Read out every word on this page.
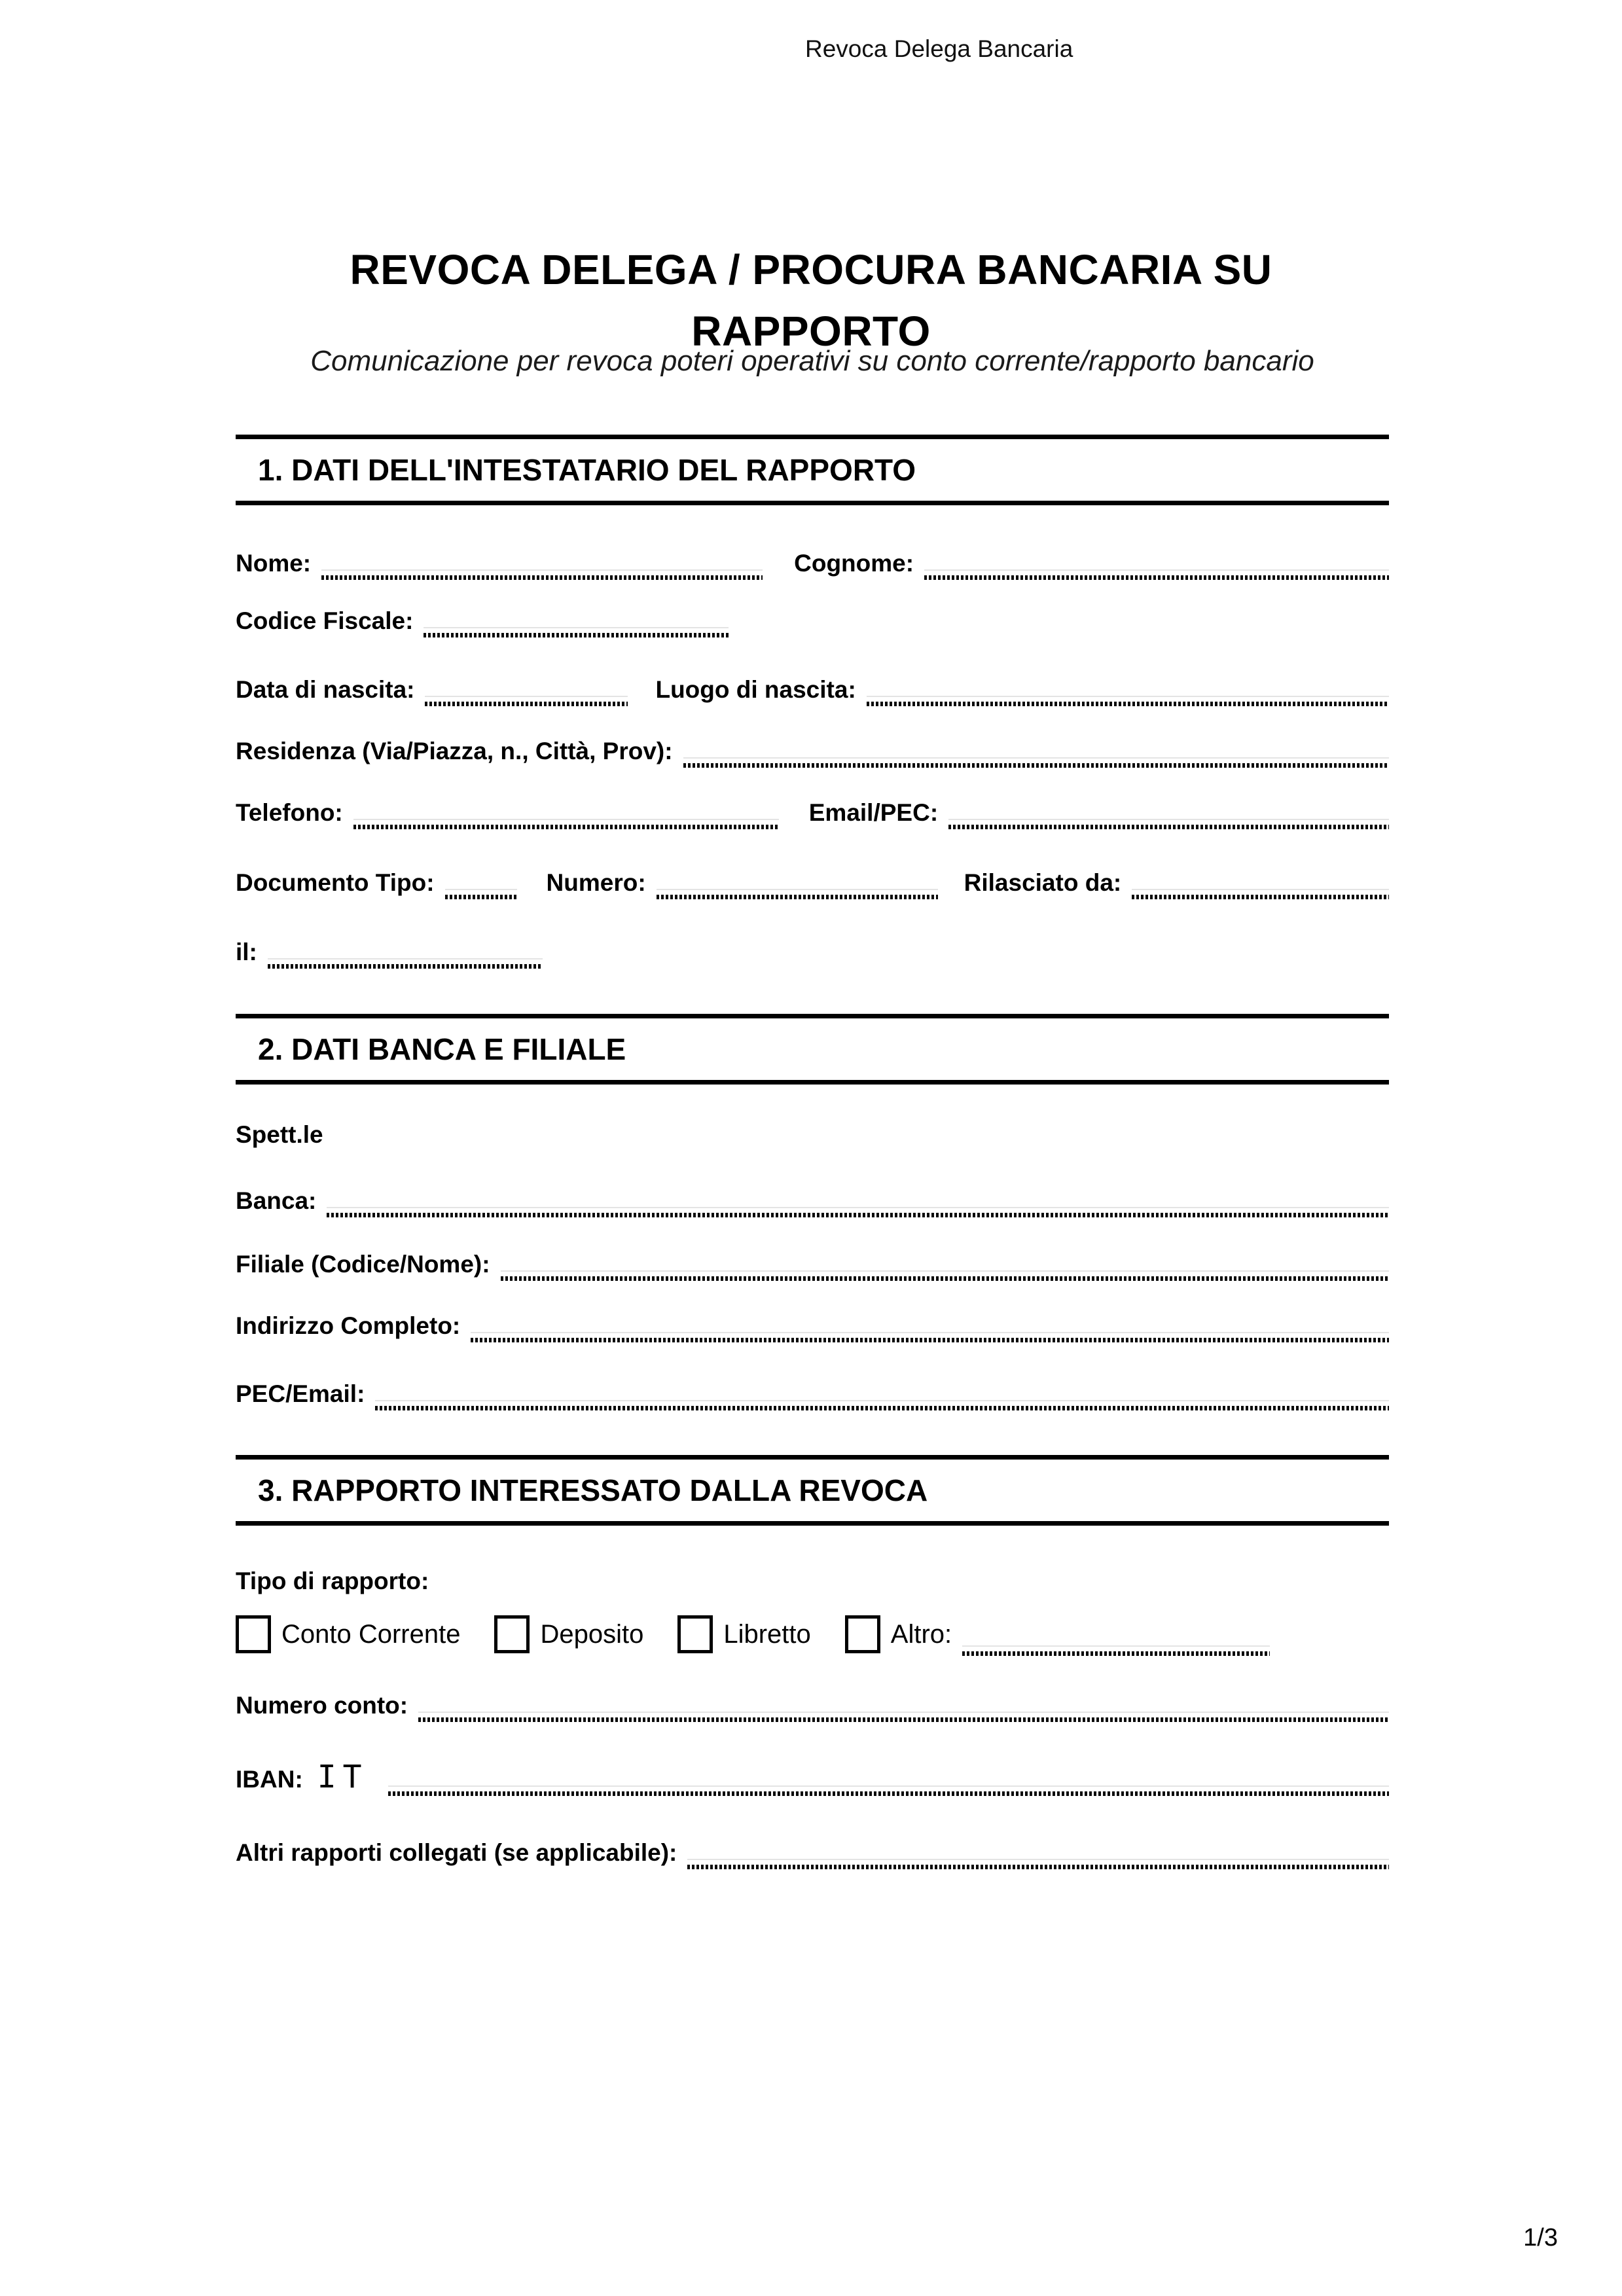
Revoca Delega Bancaria
REVOCA DELEGA / PROCURA BANCARIA SU RAPPORTO
Comunicazione per revoca poteri operativi su conto corrente/rapporto bancario
1. DATI DELL'INTESTATARIO DEL RAPPORTO
Nome:	Cognome:
Codice Fiscale:
Data di nascita:	Luogo di nascita:
Residenza (Via/Piazza, n., Città, Prov):
Telefono:	Email/PEC:
Documento Tipo:	Numero:	Rilasciato da:
il:
2. DATI BANCA E FILIALE
Spett.le
Banca:
Filiale (Codice/Nome):
Indirizzo Completo:
PEC/Email:
3. RAPPORTO INTERESSATO DALLA REVOCA
Tipo di rapporto:
Conto Corrente	Deposito	Libretto	Altro:
Numero conto:
IBAN: IT
Altri rapporti collegati (se applicabile):
1/3
